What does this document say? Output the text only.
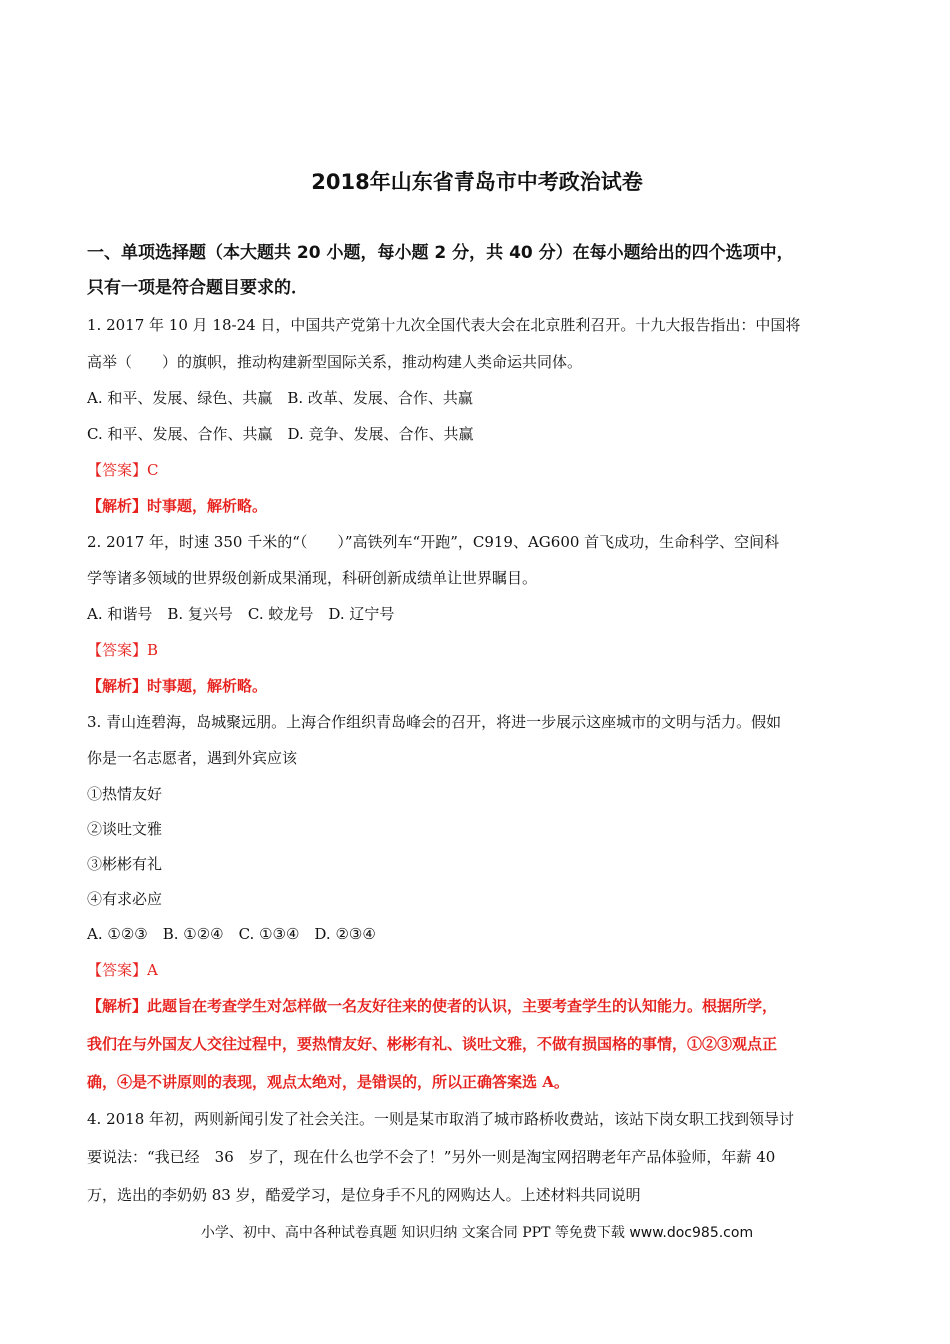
2018年山东省青岛市中考政治试卷
一、单项选择题（本大题共 20 小题，每小题 2 分，共 40 分）在每小题给出的四个选项中，
只有一项是符合题目要求的．
1. 2017 年 10 月 18-24 日，中国共产党第十九次全国代表大会在北京胜利召开。十九大报告指出：中国将
高举（　　）的旗帜，推动构建新型国际关系，推动构建人类命运共同体。
A. 和平、发展、绿色、共赢　B. 改革、发展、合作、共赢
C. 和平、发展、合作、共赢　D. 竞争、发展、合作、共赢
【答案】C
【解析】时事题，解析略。
2. 2017 年，时速 350 千米的“（　　）”高铁列车“开跑”，C919、AG600 首飞成功，生命科学、空间科
学等诸多领域的世界级创新成果涌现，科研创新成绩单让世界瞩目。
A. 和谐号　B. 复兴号　C. 蛟龙号　D. 辽宁号
【答案】B
【解析】时事题，解析略。
3. 青山连碧海，岛城聚远朋。上海合作组织青岛峰会的召开，将进一步展示这座城市的文明与活力。假如
你是一名志愿者，遇到外宾应该
①热情友好
②谈吐文雅
③彬彬有礼
④有求必应
A. ①②③　B. ①②④　C. ①③④　D. ②③④
【答案】A
【解析】此题旨在考查学生对怎样做一名友好往来的使者的认识，主要考查学生的认知能力。根据所学，
我们在与外国友人交往过程中，要热情友好、彬彬有礼、谈吐文雅，不做有损国格的事情，①②③观点正
确，④是不讲原则的表现，观点太绝对，是错误的，所以正确答案选 A。
4. 2018 年初，两则新闻引发了社会关注。一则是某市取消了城市路桥收费站，该站下岗女职工找到领导讨
要说法：“我已经　36　岁了，现在什么也学不会了！”另外一则是淘宝网招聘老年产品体验师，年薪 40
万，选出的李奶奶 83 岁，酷爱学习，是位身手不凡的网购达人。上述材料共同说明
小学、初中、高中各种试卷真题 知识归纳 文案合同 PPT 等免费下载 www.doc985.com
